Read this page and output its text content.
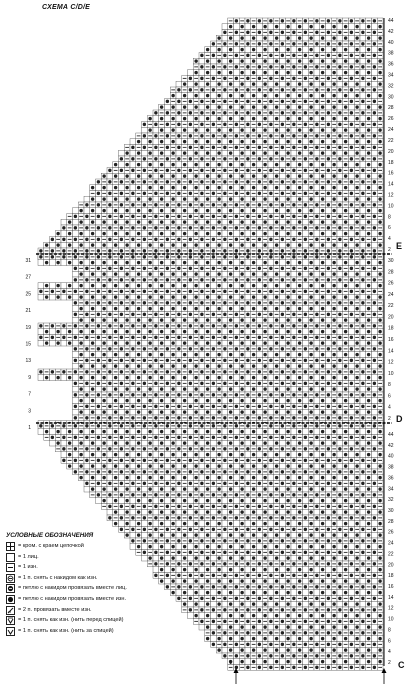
СХЕМА C/D/E
44
42
40
38
36
34
32
30
28
26
24
22
20
18
16
14
12
10
8
6
4
2
30
28
26
24
22
20
18
16
14
12
10
8
6
4
2
44
42
40
38
36
34
32
30
28
26
24
22
20
18
16
14
12
10
8
6
4
2
31
27
25
21
19
15
13
9
7
3
1
1
E
D
C
УСЛОВНЫЕ ОБОЗНАЧЕНИЯ
= кром. с краем цепочкой
= 1 лиц.
= 1 изн.
= 1 п. снять с накидом как изн.
= петлю с накидом провязать вместе лиц.
= петлю с накидом провязать вместе изн.
= 2 п. провязать вместе изн.
= 1 п. снять как изн. (нить перед спицей)
= 1 п. снять как изн. (нить за спицей)
